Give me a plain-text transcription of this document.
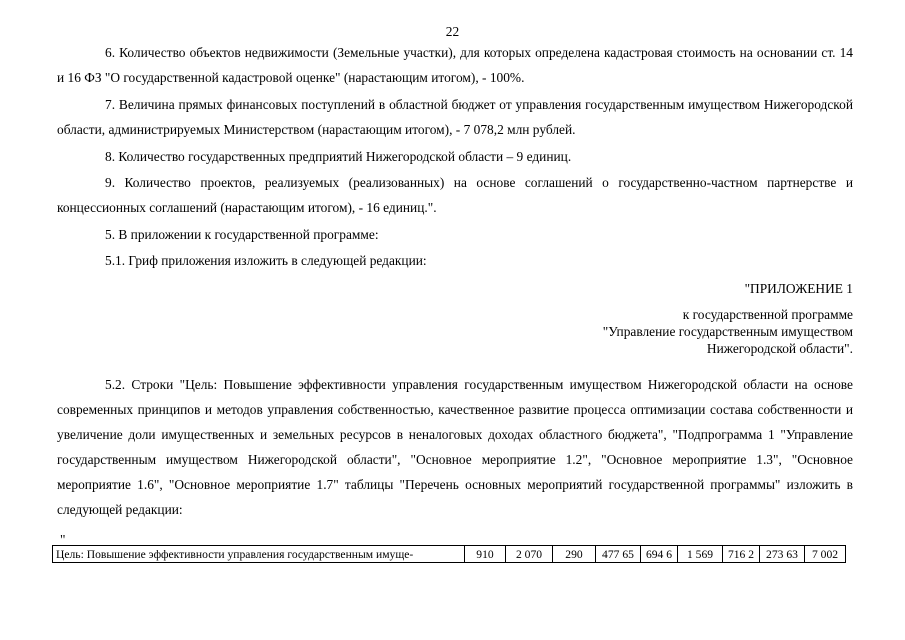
22
6. Количество объектов недвижимости (Земельные участки), для которых определена кадастровая стоимость на основании ст. 14 и 16 ФЗ "О государственной кадастровой оценке" (нарастающим итогом), - 100%.
7. Величина прямых финансовых поступлений в областной бюджет от управления государственным имуществом Нижегородской области, администрируемых Министерством (нарастающим итогом), - 7 078,2 млн рублей.
8. Количество государственных предприятий Нижегородской области – 9 единиц.
9. Количество проектов, реализуемых (реализованных) на основе соглашений о государственно-частном партнерстве и концессионных соглашений (нарастающим итогом), - 16 единиц.".
5. В приложении к государственной программе:
5.1. Гриф приложения изложить в следующей редакции:
"ПРИЛОЖЕНИЕ 1
к государственной программе
"Управление государственным имуществом
Нижегородской области".
5.2. Строки "Цель: Повышение эффективности управления государственным имуществом Нижегородской области на основе современных принципов и методов управления собственностью, качественное развитие процесса оптимизации состава собственности и увеличение доли имущественных и земельных ресурсов в неналоговых доходах областного бюджета", "Подпрограмма 1 "Управление государственным имуществом Нижегородской области", "Основное мероприятие 1.2", "Основное мероприятие 1.3", "Основное мероприятие 1.6", "Основное мероприятие 1.7" таблицы "Перечень основных мероприятий государственной программы" изложить в следующей редакции:
"
Цель: Повышение эффективности управления государственным имуще-	910	2 070	290	477 65	694 6	1 569	716 2	273 63	7 002
